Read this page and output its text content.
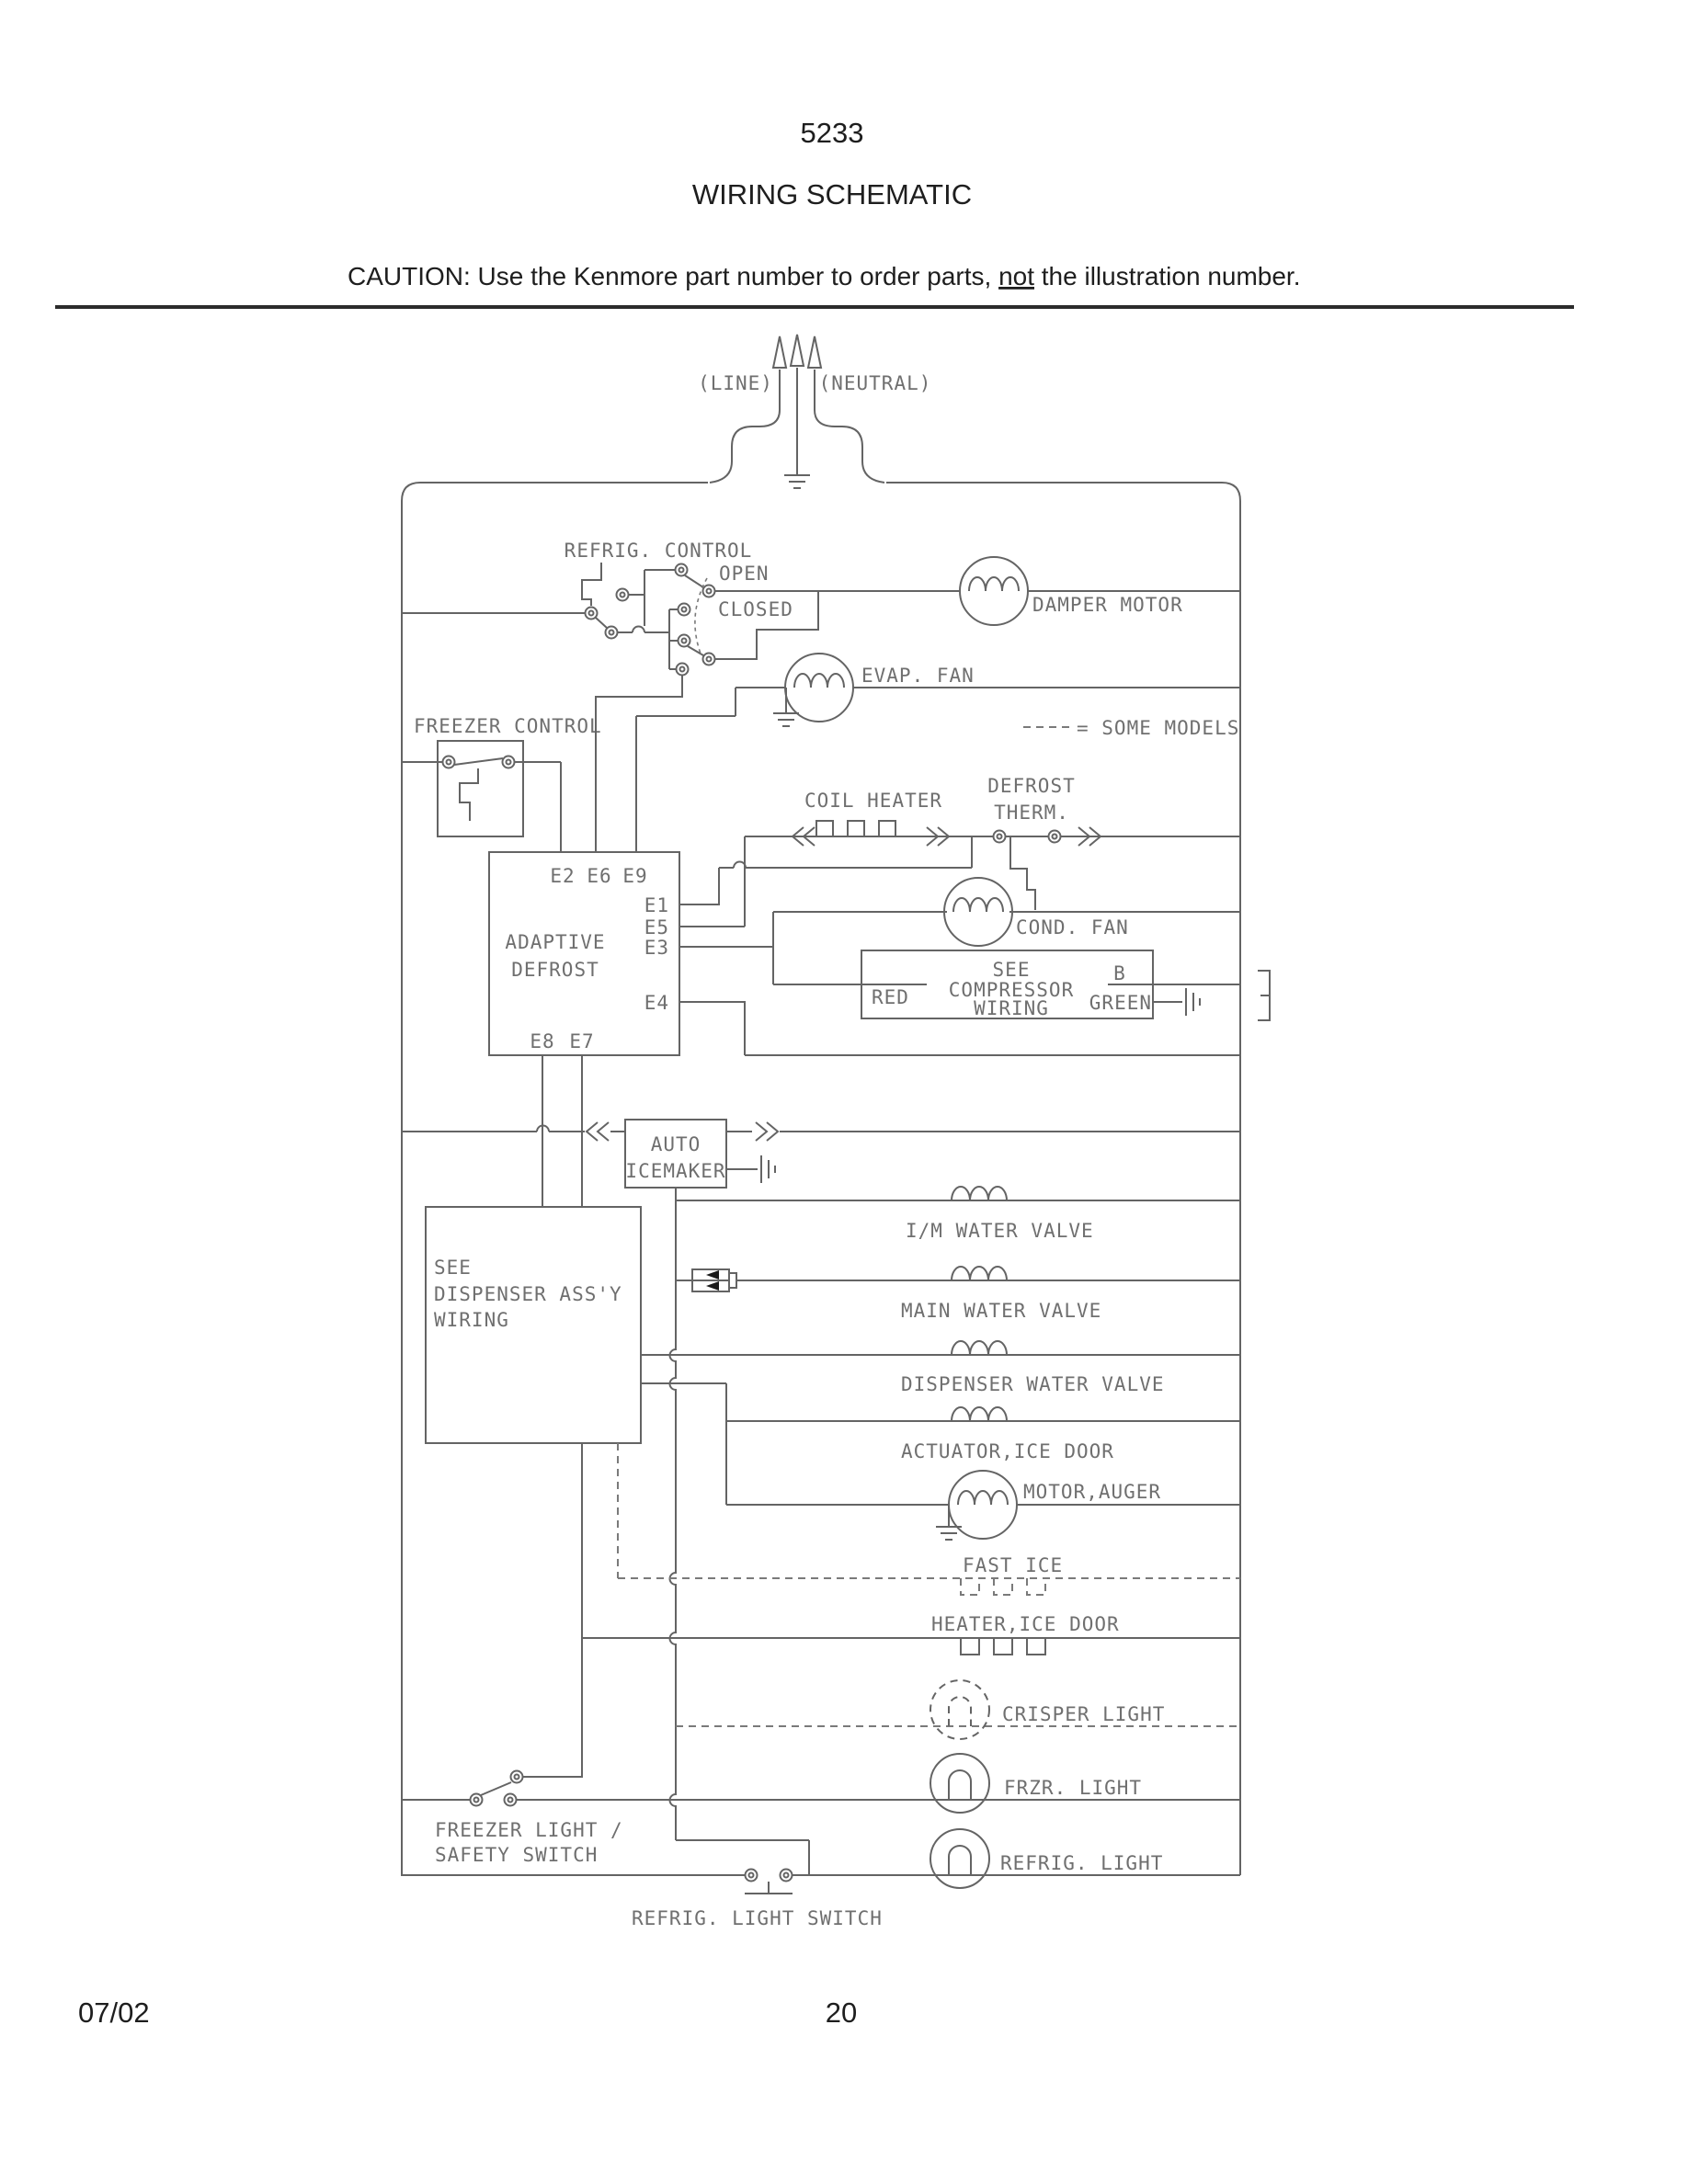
5233
WIRING SCHEMATIC
CAUTION: Use the Kenmore part number to order parts, not the illustration number.
(LINE) (NEUTRAL)
REFRIG. CONTROL
OPEN
CLOSED	DAMPER MOTOR
EVAP. FAN
= SOME MODELS
FREEZER CONTROL
ADAPTIVE
DEFROST
E2 E6 E9
E1
E5
E3
E4
E8 E7
COIL HEATER
DEFROST
THERM.
COND. FAN
SEE
COMPRESSOR
WIRING
RED
B
GREEN
AUTO
ICEMAKER
SEE
DISPENSER ASS'Y
WIRING
I/M WATER VALVE
MAIN WATER VALVE
DISPENSER WATER VALVE
ACTUATOR,ICE DOOR
MOTOR,AUGER
FAST ICE
HEATER,ICE DOOR
CRISPER LIGHT
FRZR. LIGHT
FREEZER LIGHT /
SAFETY SWITCH	REFRIG. LIGHT
REFRIG. LIGHT SWITCH
07/02	20
